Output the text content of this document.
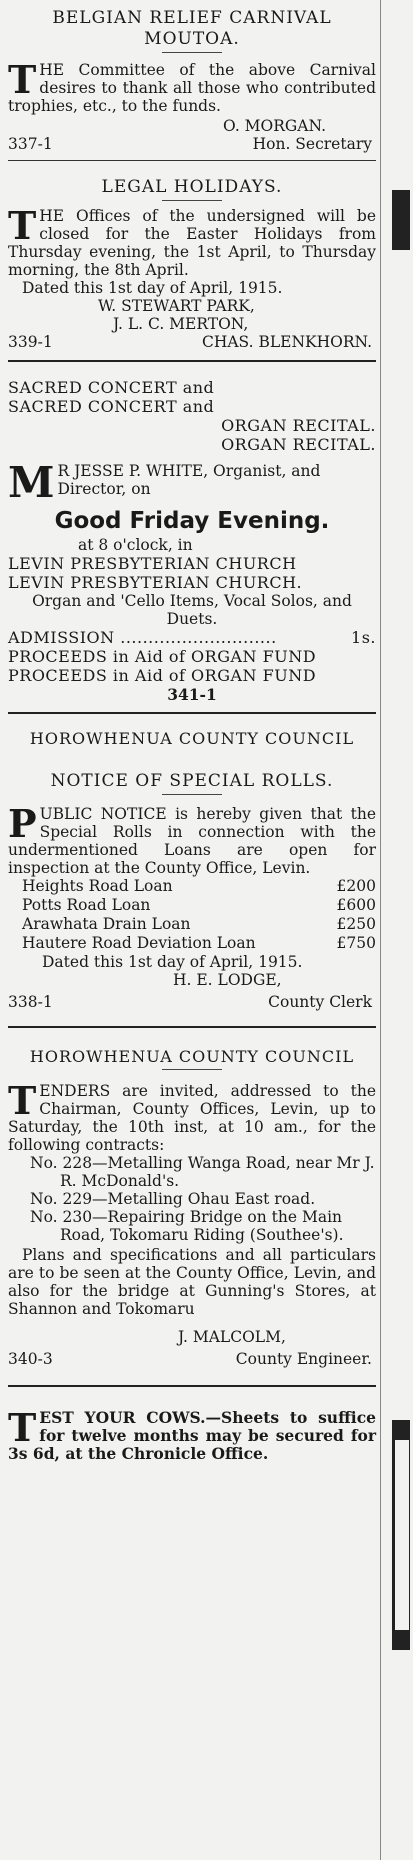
BELGIAN RELIEF CARNIVAL
MOUTOA.
THE Committee of the above Carnival desires to thank all those who contributed trophies, etc., to the funds.
O. MORGAN.
337-1	Hon. Secretary
LEGAL HOLIDAYS.
THE Offices of the undersigned will be closed for the Easter Holidays from Thursday evening, the 1st April, to Thursday morning, the 8th April.
Dated this 1st day of April, 1915.
W. STEWART PARK,
J. L. C. MERTON,
339-1	CHAS. BLENKHORN.
SACRED CONCERT and
SACRED CONCERT and
ORGAN RECITAL.
ORGAN RECITAL.
M R JESSE P. WHITE, Organist, and Director, on
Good Friday Evening.
at 8 o'clock, in
LEVIN PRESBYTERIAN CHURCH
LEVIN PRESBYTERIAN CHURCH.
Organ and 'Cello Items, Vocal Solos, and Duets.
ADMISSION ............................	1s.
PROCEEDS in Aid of ORGAN FUND
PROCEEDS in Aid of ORGAN FUND
341-1
HOROWHENUA COUNTY COUNCIL
NOTICE OF SPECIAL ROLLS.
PUBLIC NOTICE is hereby given that the Special Rolls in connection with the undermentioned Loans are open for inspection at the County Office, Levin.
Heights Road Loan	£200
Potts Road Loan	£600
Arawhata Drain Loan	£250
Hautere Road Deviation Loan	£750
Dated this 1st day of April, 1915.
H. E. LODGE,
338-1	County Clerk
HOROWHENUA COUNTY COUNCIL
TENDERS are invited, addressed to the Chairman, County Offices, Levin, up to Saturday, the 10th inst, at 10 am., for the following contracts:
No. 228—Metalling Wanga Road, near Mr J. R. McDonald's.
No. 229—Metalling Ohau East road.
No. 230—Repairing Bridge on the Main Road, Tokomaru Riding (Southee's).
Plans and specifications and all particulars are to be seen at the County Office, Levin, and also for the bridge at Gunning's Stores, at Shannon and Tokomaru
J. MALCOLM,
340-3	County Engineer.
TEST YOUR COWS.—Sheets to suffice for twelve months may be secured for 3s 6d, at the Chronicle Office.
